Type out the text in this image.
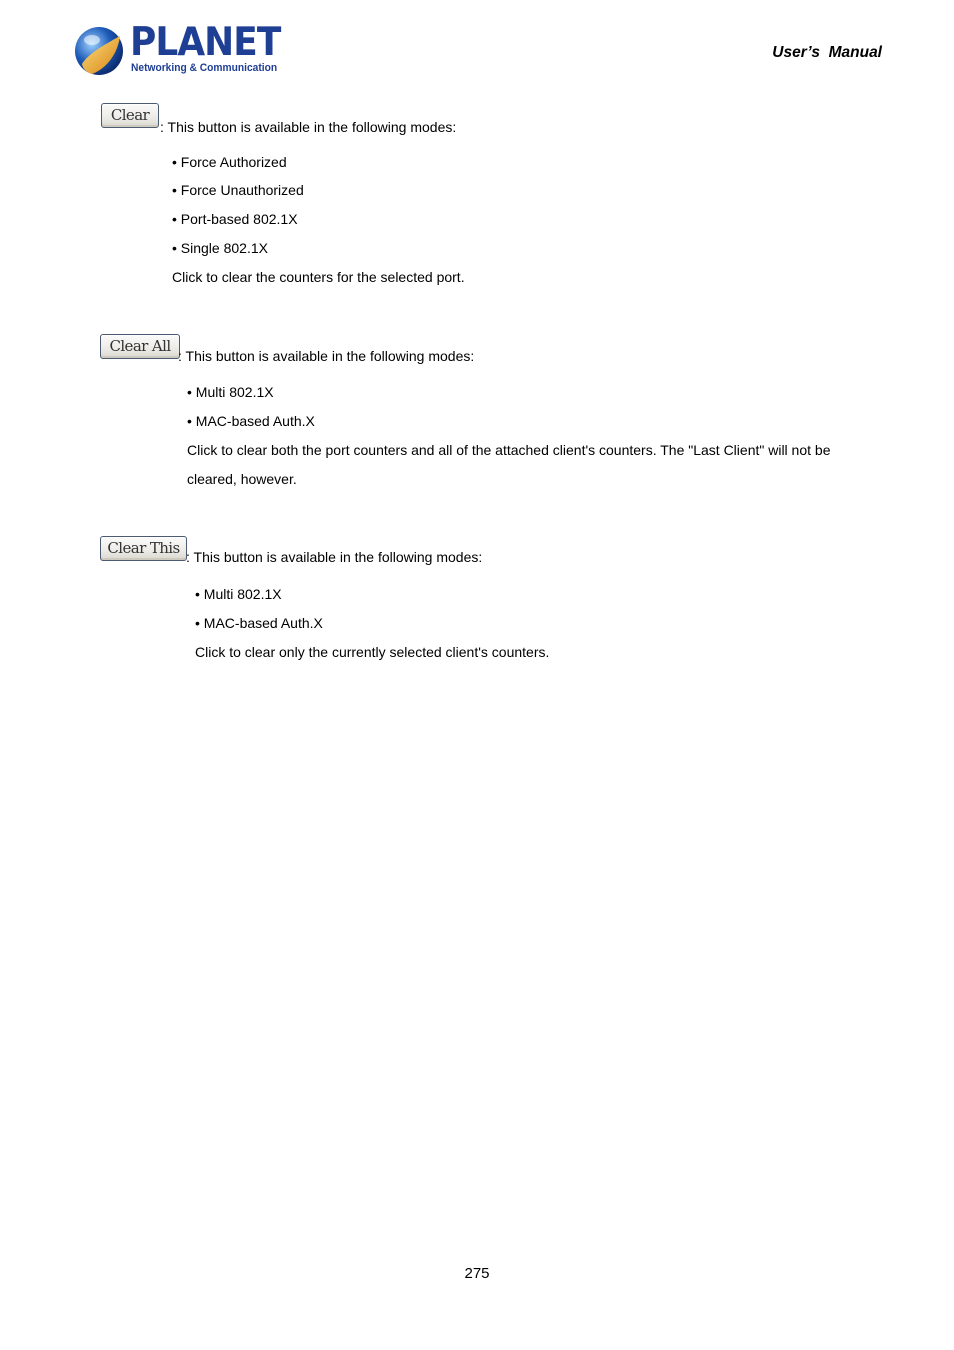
PLANET
Networking & Communication
User’s  Manual
Clear
: This button is available in the following modes:
• Force Authorized
• Force Unauthorized
• Port-based 802.1X
• Single 802.1X
Click to clear the counters for the selected port.
Clear All
: This button is available in the following modes:
• Multi 802.1X
• MAC-based Auth.X
Click to clear both the port counters and all of the attached client's counters. The "Last Client" will not be
cleared, however.
Clear This : This button is available in the following modes:
• Multi 802.1X
• MAC-based Auth.X
Click to clear only the currently selected client's counters.
275
